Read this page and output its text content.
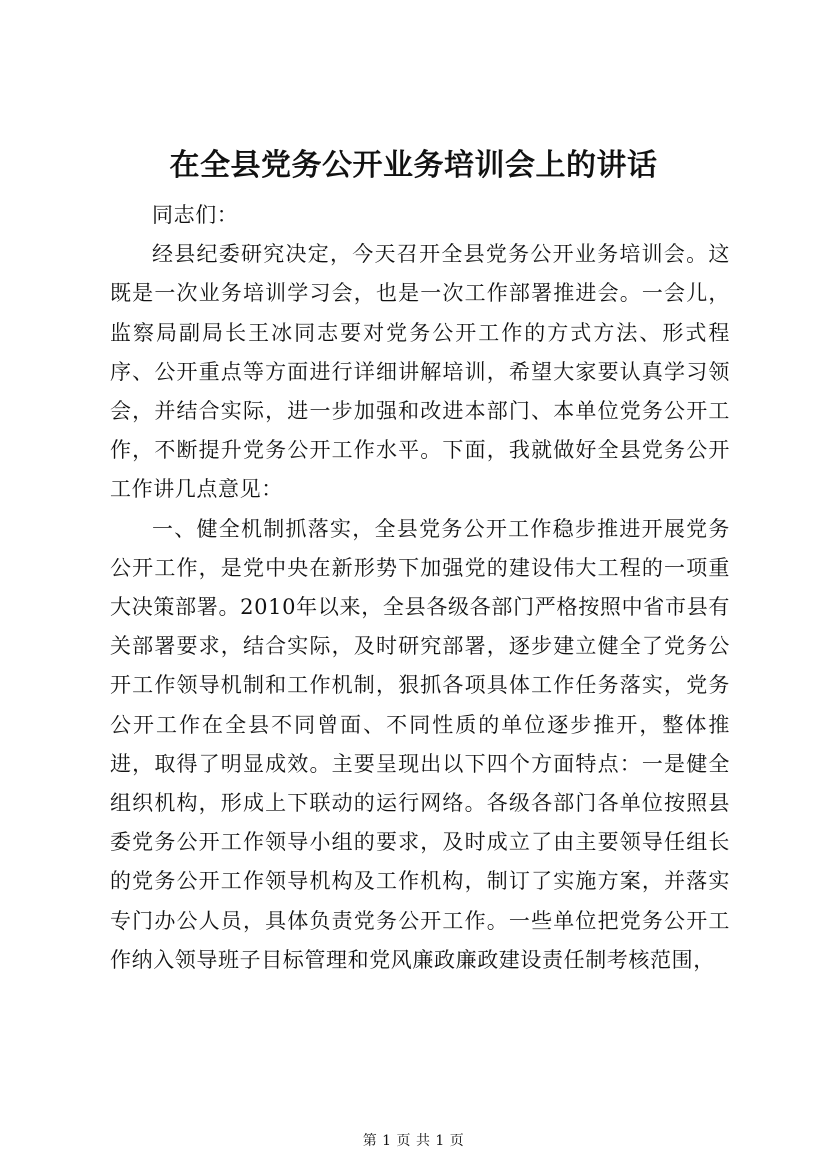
在全县党务公开业务培训会上的讲话

同志们：

经县纪委研究决定，今天召开全县党务公开业务培训会。这既是一次业务培训学习会，也是一次工作部署推进会。一会儿，监察局副局长王冰同志要对党务公开工作的方式方法、形式程序、公开重点等方面进行详细讲解培训，希望大家要认真学习领会，并结合实际，进一步加强和改进本部门、本单位党务公开工作，不断提升党务公开工作水平。下面，我就做好全县党务公开工作讲几点意见：

一、健全机制抓落实，全县党务公开工作稳步推进开展党务公开工作，是党中央在新形势下加强党的建设伟大工程的一项重大决策部署。2010年以来，全县各级各部门严格按照中省市县有关部署要求，结合实际，及时研究部署，逐步建立健全了党务公开工作领导机制和工作机制，狠抓各项具体工作任务落实，党务公开工作在全县不同曾面、不同性质的单位逐步推开，整体推进，取得了明显成效。主要呈现出以下四个方面特点：一是健全组织机构，形成上下联动的运行网络。各级各部门各单位按照县委党务公开工作领导小组的要求，及时成立了由主要领导任组长的党务公开工作领导机构及工作机构，制订了实施方案，并落实专门办公人员，具体负责党务公开工作。一些单位把党务公开工作纳入领导班子目标管理和党风廉政廉政建设责任制考核范围，

第 1 页 共 1 页
